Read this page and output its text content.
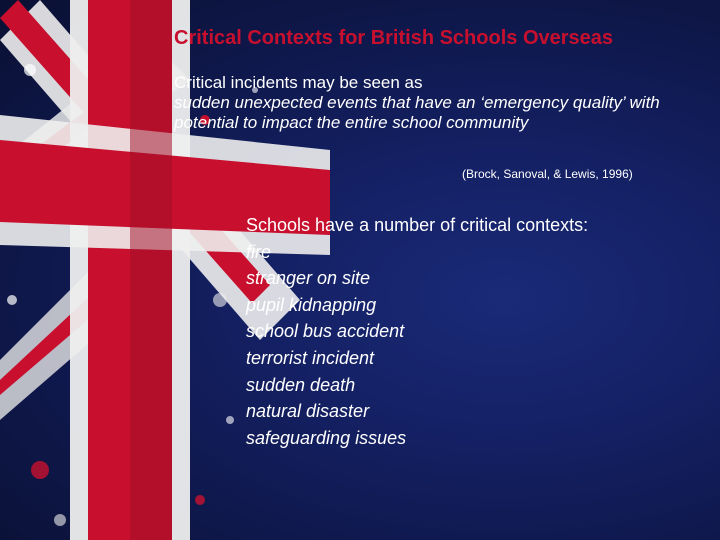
Critical Contexts for British Schools Overseas
Critical incidents may be seen as
sudden unexpected events that have an ‘emergency quality’ with potential to impact the entire school community
(Brock, Sanoval, & Lewis, 1996)
Schools have a number of critical contexts:
fire
stranger on site
pupil kidnapping
school bus accident
terrorist incident
sudden death
natural disaster
safeguarding issues
